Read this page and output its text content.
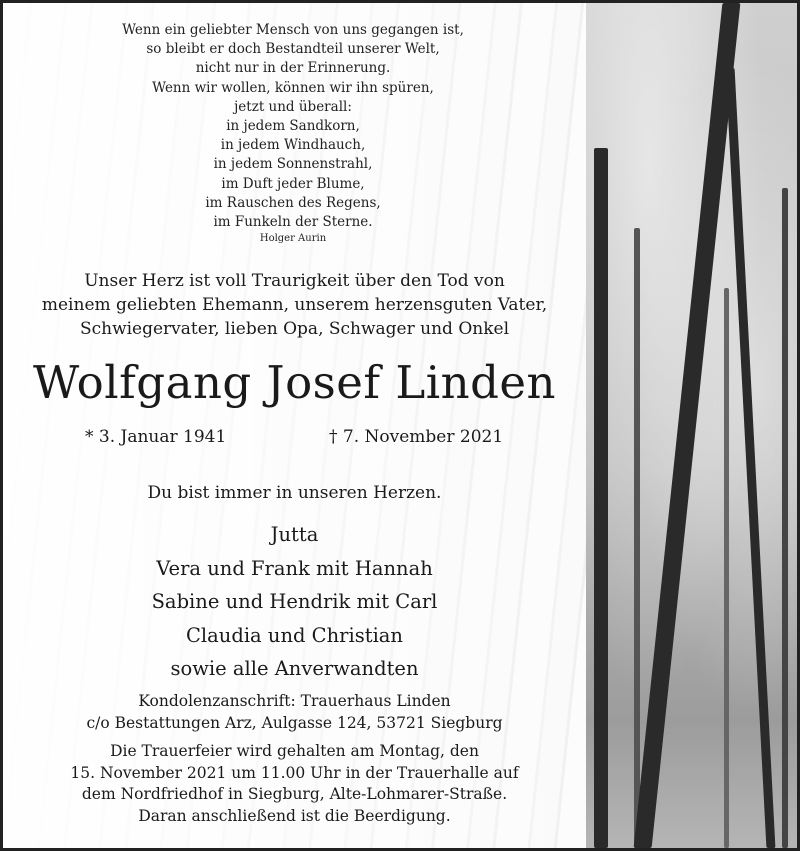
Wenn ein geliebter Mensch von uns gegangen ist,
so bleibt er doch Bestandteil unserer Welt,
nicht nur in der Erinnerung.
Wenn wir wollen, können wir ihn spüren,
jetzt und überall:
in jedem Sandkorn,
in jedem Windhauch,
in jedem Sonnenstrahl,
im Duft jeder Blume,
im Rauschen des Regens,
im Funkeln der Sterne.
Holger Aurin
Unser Herz ist voll Traurigkeit über den Tod von
meinem geliebten Ehemann, unserem herzensguten Vater,
Schwiegervater, lieben Opa, Schwager und Onkel
Wolfgang Josef Linden
* 3. Januar 1941	† 7. November 2021
Du bist immer in unseren Herzen.
Jutta
Vera und Frank mit Hannah
Sabine und Hendrik mit Carl
Claudia und Christian
sowie alle Anverwandten
Kondolenzanschrift: Trauerhaus Linden
c/o Bestattungen Arz, Aulgasse 124, 53721 Siegburg
Die Trauerfeier wird gehalten am Montag, den
15. November 2021 um 11.00 Uhr in der Trauerhalle auf
dem Nordfriedhof in Siegburg, Alte-Lohmarer-Straße.
Daran anschließend ist die Beerdigung.
